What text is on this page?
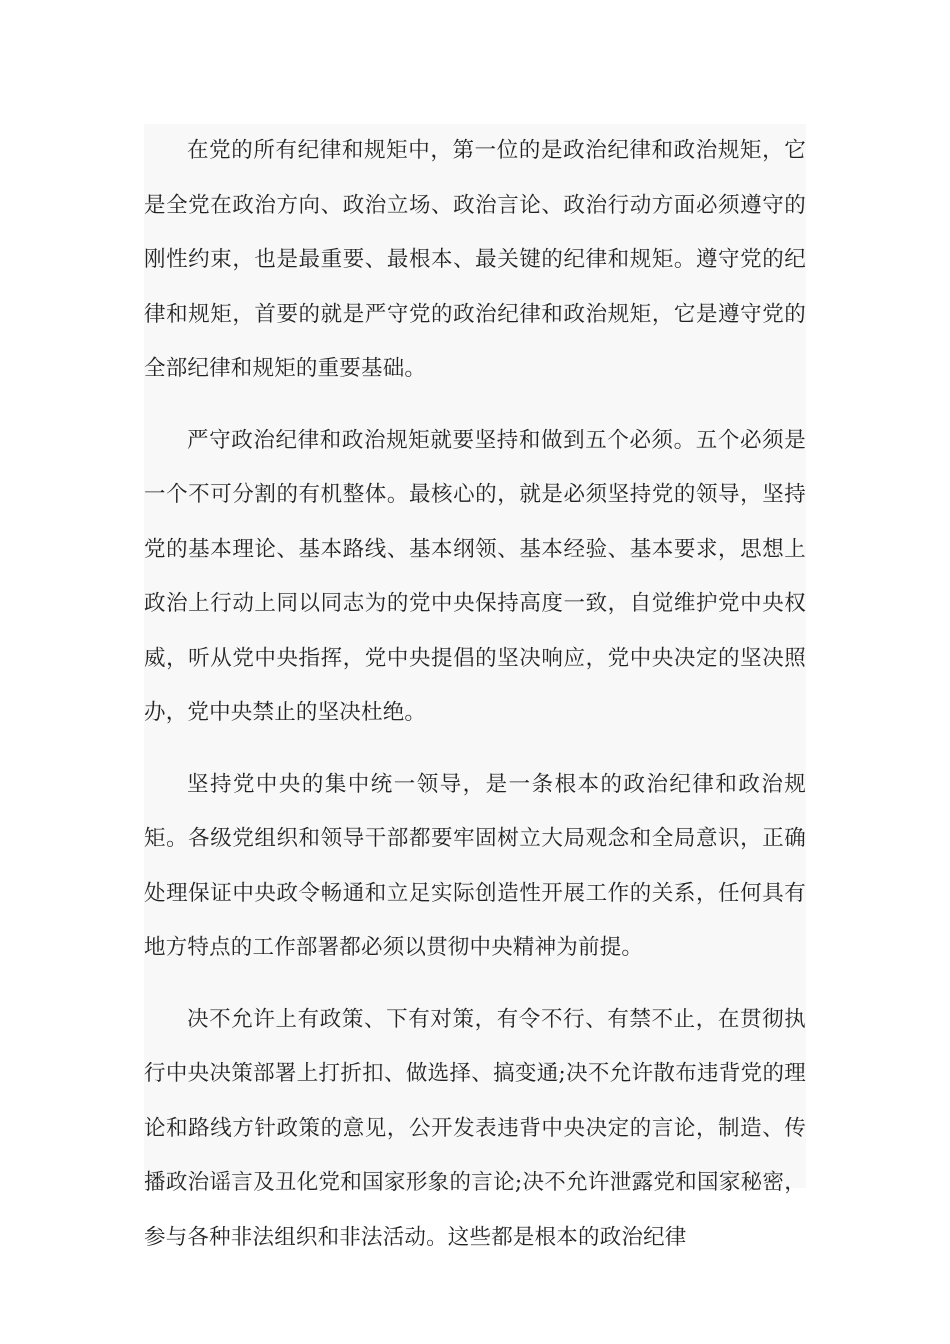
在党的所有纪律和规矩中，第一位的是政治纪律和政治规矩，它是全党在政治方向、政治立场、政治言论、政治行动方面必须遵守的刚性约束，也是最重要、最根本、最关键的纪律和规矩。遵守党的纪律和规矩，首要的就是严守党的政治纪律和政治规矩，它是遵守党的全部纪律和规矩的重要基础。

严守政治纪律和政治规矩就要坚持和做到五个必须。五个必须是一个不可分割的有机整体。最核心的，就是必须坚持党的领导，坚持党的基本理论、基本路线、基本纲领、基本经验、基本要求，思想上政治上行动上同以同志为的党中央保持高度一致，自觉维护党中央权威，听从党中央指挥，党中央提倡的坚决响应，党中央决定的坚决照办，党中央禁止的坚决杜绝。

坚持党中央的集中统一领导，是一条根本的政治纪律和政治规矩。各级党组织和领导干部都要牢固树立大局观念和全局意识，正确处理保证中央政令畅通和立足实际创造性开展工作的关系，任何具有地方特点的工作部署都必须以贯彻中央精神为前提。

决不允许上有政策、下有对策，有令不行、有禁不止，在贯彻执行中央决策部署上打折扣、做选择、搞变通;决不允许散布违背党的理论和路线方针政策的意见，公开发表违背中央决定的言论，制造、传播政治谣言及丑化党和国家形象的言论;决不允许泄露党和国家秘密，参与各种非法组织和非法活动。这些都是根本的政治纪律
